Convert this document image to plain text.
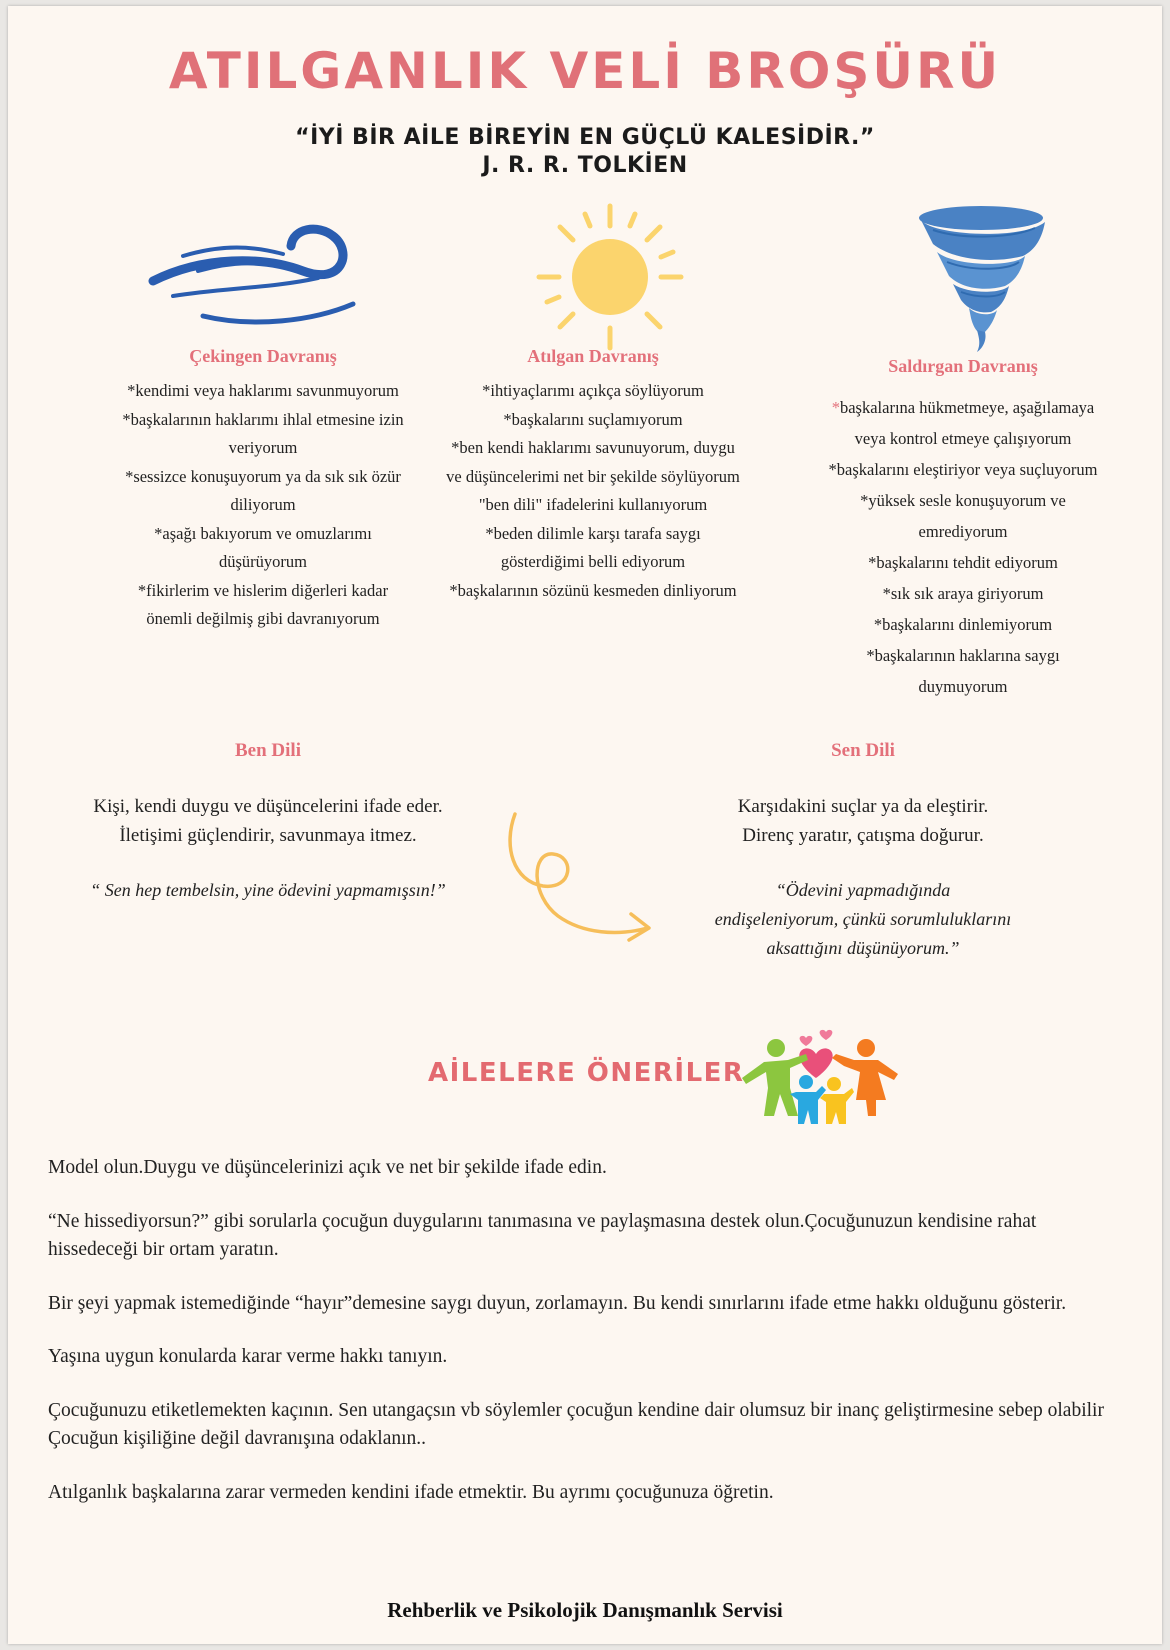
ATILGANLIK VELİ BROŞÜRÜ
“İYİ BİR AİLE BİREYİN EN GÜÇLÜ KALESİDİR.”
J. R. R. TOLKİEN
Çekingen Davranış

*kendimi veya haklarımı savunmuyorum

*başkalarının haklarımı ihlal etmesine izin

veriyorum

*sessizce konuşuyorum ya da sık sık özür

diliyorum

*aşağı bakıyorum ve omuzlarımı

düşürüyorum

*fikirlerim ve hislerim diğerleri kadar

önemli değilmiş gibi davranıyorum

Atılgan Davranış

*ihtiyaçlarımı açıkça söylüyorum

*başkalarını suçlamıyorum

*ben kendi haklarımı savunuyorum, duygu

ve düşüncelerimi net bir şekilde söylüyorum

"ben dili" ifadelerini kullanıyorum

*beden dilimle karşı tarafa saygı

gösterdiğimi belli ediyorum

*başkalarının sözünü kesmeden dinliyorum

Saldırgan Davranış

*başkalarına hükmetmeye, aşağılamaya

veya kontrol etmeye çalışıyorum

*başkalarını eleştiriyor veya suçluyorum

*yüksek sesle konuşuyorum ve

emrediyorum

*başkalarını tehdit ediyorum

*sık sık araya giriyorum

*başkalarını dinlemiyorum

*başkalarının haklarına saygı

duymuyorum

Ben Dili
Kişi, kendi duygu ve düşüncelerini ifade eder.
İletişimi güçlendirir, savunmaya itmez.
“ Sen hep tembelsin, yine ödevini yapmamışsın!”
Sen Dili
Karşıdakini suçlar ya da eleştirir.
Direnç yaratır, çatışma doğurur.
“Ödevini yapmadığında
endişeleniyorum, çünkü sorumluluklarını
aksattığını düşünüyorum.”
AİLELERE ÖNERİLER

Model olun.Duygu ve düşüncelerinizi açık ve net bir şekilde ifade edin.

“Ne hissediyorsun?” gibi sorularla çocuğun duygularını tanımasına ve paylaşmasına destek olun.Çocuğunuzun kendisine rahat hissedeceği bir ortam yaratın.

Bir şeyi yapmak istemediğinde “hayır”demesine saygı duyun, zorlamayın. Bu kendi sınırlarını ifade etme hakkı olduğunu gösterir.

Yaşına uygun konularda karar verme hakkı tanıyın.

Çocuğunuzu etiketlemekten kaçının. Sen utangaçsın vb söylemler çocuğun kendine dair olumsuz bir inanç geliştirmesine sebep olabilir Çocuğun kişiliğine değil davranışına odaklanın..

Atılganlık başkalarına zarar vermeden kendini ifade etmektir. Bu ayrımı çocuğunuza öğretin.

Rehberlik ve Psikolojik Danışmanlık Servisi
